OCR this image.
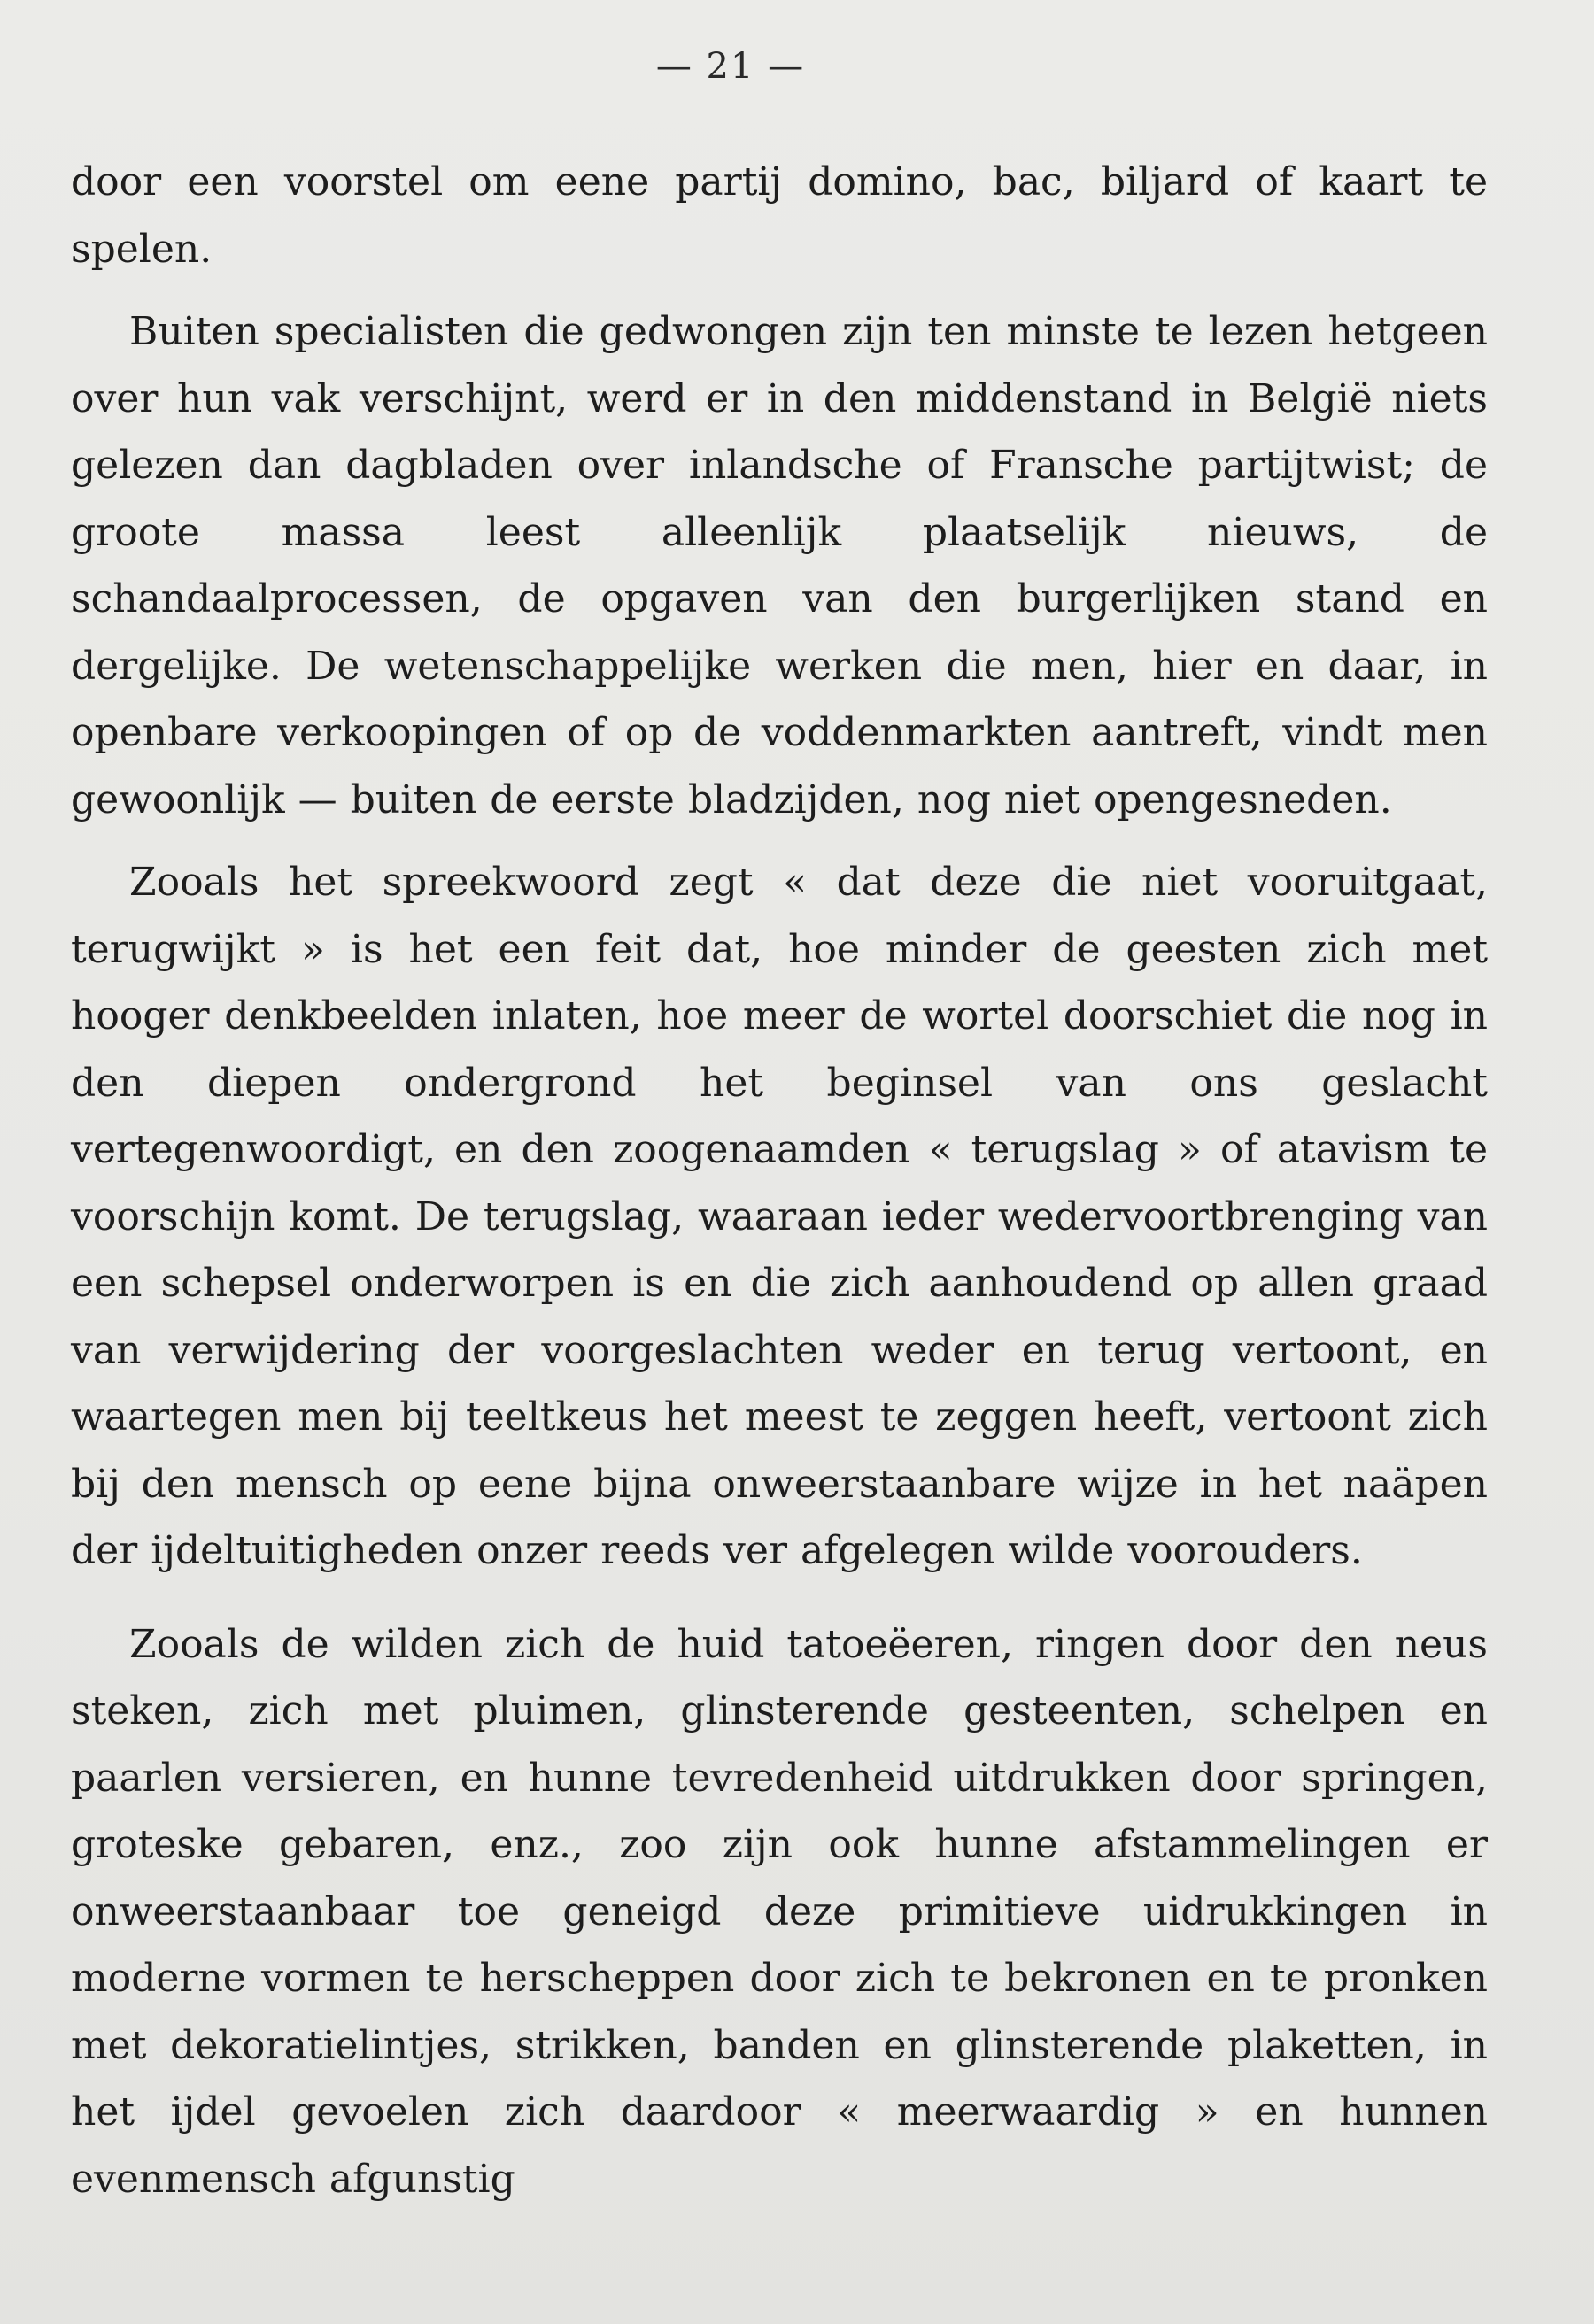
— 21 —

door een voorstel om eene partij domino, bac, biljard of kaart te spelen.

Buiten specialisten die gedwongen zijn ten minste te lezen hetgeen over hun vak verschijnt, werd er in den middenstand in België niets gelezen dan dagbladen over inlandsche of Fransche partijtwist; de groote massa leest alleenlijk plaatselijk nieuws, de schandaalprocessen, de opgaven van den burgerlijken stand en dergelijke. De wetenschappelijke werken die men, hier en daar, in openbare verkoopingen of op de voddenmarkten aantreft, vindt men gewoonlijk — buiten de eerste bladzijden, nog niet opengesneden.

Zooals het spreekwoord zegt « dat deze die niet vooruitgaat, terugwijkt » is het een feit dat, hoe minder de geesten zich met hooger denkbeelden inlaten, hoe meer de wortel doorschiet die nog in den diepen ondergrond het beginsel van ons geslacht vertegenwoordigt, en den zoogenaamden « terugslag » of atavism te voorschijn komt. De terugslag, waaraan ieder wedervoortbrenging van een schepsel onderworpen is en die zich aanhoudend op allen graad van verwijdering der voorgeslachten weder en terug vertoont, en waartegen men bij teeltkeus het meest te zeggen heeft, vertoont zich bij den mensch op eene bijna onweerstaanbare wijze in het naäpen der ijdeltuitigheden onzer reeds ver afgelegen wilde voorouders.

Zooals de wilden zich de huid tatoeëeren, ringen door den neus steken, zich met pluimen, glinsterende gesteenten, schelpen en paarlen versieren, en hunne tevredenheid uitdrukken door springen, groteske gebaren, enz., zoo zijn ook hunne afstammelingen er onweerstaanbaar toe geneigd deze primitieve uidrukkingen in moderne vormen te herscheppen door zich te bekronen en te pronken met dekoratielintjes, strikken, banden en glinsterende plaketten, in het ijdel gevoelen zich daardoor « meerwaardig » en hunnen evenmensch afgunstig
